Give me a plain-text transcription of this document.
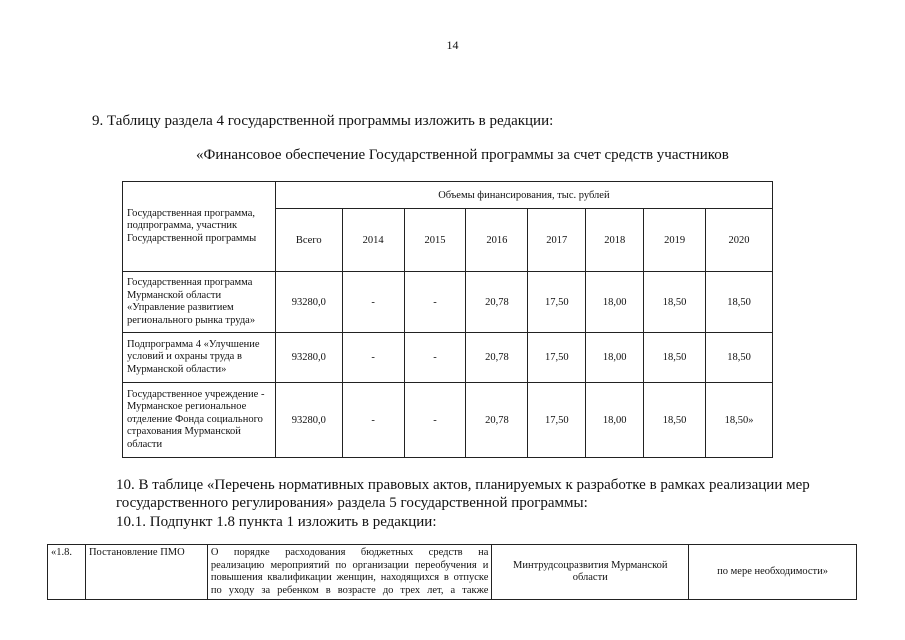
14
9. Таблицу раздела 4 государственной программы изложить в редакции:
«Финансовое обеспечение Государственной программы за счет средств участников
Государственная программа, подпрограмма, участник Государственной программы	Объемы финансирования, тыс. рублей							
	Всего	2014	2015	2016	2017	2018	2019	2020
Государственная программа Мурманской области «Управление развитием регионального рынка труда»	93280,0	-	-	20,78	17,50	18,00	18,50	18,50
Подпрограмма 4 «Улучшение условий и охраны труда в Мурманской области»	93280,0	-	-	20,78	17,50	18,00	18,50	18,50
Государственное учреждение - Мурманское региональное отделение Фонда социального страхования Мурманской области	93280,0	-	-	20,78	17,50	18,00	18,50	18,50»
10. В таблице «Перечень нормативных правовых актов, планируемых к разработке в рамках реализации мер
государственного регулирования» раздела 5 государственной программы:
10.1. Подпункт 1.8 пункта 1 изложить в редакции:
«1.8.	Постановление ПМО	О порядке расходования бюджетных средств на
реализацию мероприятий по организации переобучения и
повышения квалификации женщин, находящихся в отпуске
по уходу за ребенком в возрасте до трех лет, а также
	Минтрудсоцразвития Мурманской области	по мере необходимости»
